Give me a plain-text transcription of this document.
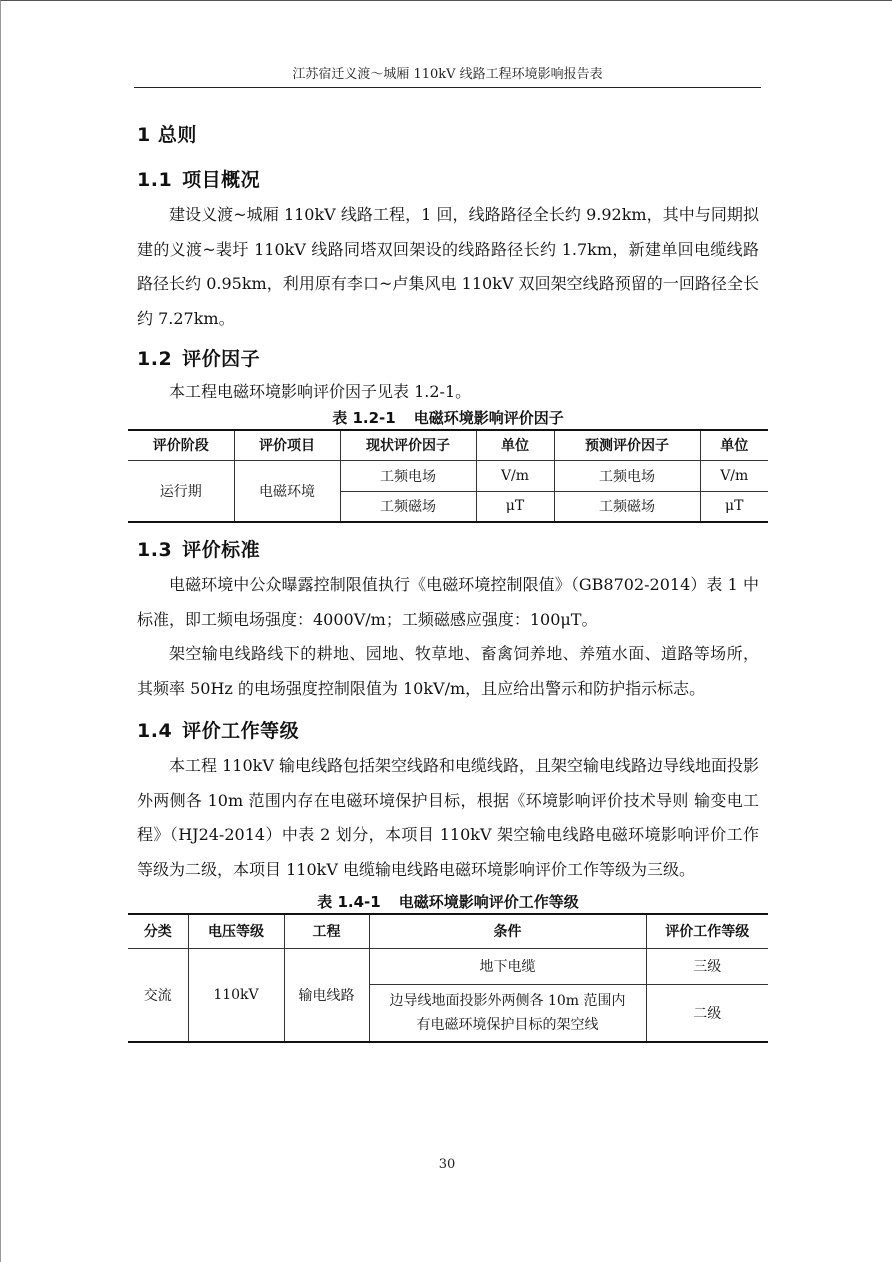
江苏宿迁义渡～城厢 110kV 线路工程环境影响报告表
1 总则
1.1 项目概况

建设义渡~城厢 110kV 线路工程，1 回，线路路径全长约 9.92km，其中与同期拟建的义渡~裴圩 110kV 线路同塔双回架设的线路路径长约 1.7km，新建单回电缆线路路径长约 0.95km，利用原有李口~卢集风电 110kV 双回架空线路预留的一回路径全长约 7.27km。

1.2 评价因子

本工程电磁环境影响评价因子见表 1.2-1。

表 1.2-1 电磁环境影响评价因子
评价阶段	评价项目	现状评价因子	单位	预测评价因子	单位
运行期	电磁环境	工频电场	V/m	工频电场	V/m
		工频磁场	μT	工频磁场	μT
1.3 评价标准

电磁环境中公众曝露控制限值执行《电磁环境控制限值》（GB8702-2014）表 1 中标准，即工频电场强度：4000V/m；工频磁感应强度：100μT。

架空输电线路线下的耕地、园地、牧草地、畜禽饲养地、养殖水面、道路等场所，其频率 50Hz 的电场强度控制限值为 10kV/m，且应给出警示和防护指示标志。

1.4 评价工作等级

本工程 110kV 输电线路包括架空线路和电缆线路，且架空输电线路边导线地面投影外两侧各 10m 范围内存在电磁环境保护目标，根据《环境影响评价技术导则 输变电工程》（HJ24-2014）中表 2 划分，本项目 110kV 架空输电线路电磁环境影响评价工作等级为二级，本项目 110kV 电缆输电线路电磁环境影响评价工作等级为三级。

表 1.4-1 电磁环境影响评价工作等级
分类	电压等级	工程	条件	评价工作等级
交流	110kV	输电线路	地下电缆	三级
			边导线地面投影外两侧各 10m 范围内有电磁环境保护目标的架空线	二级
30
